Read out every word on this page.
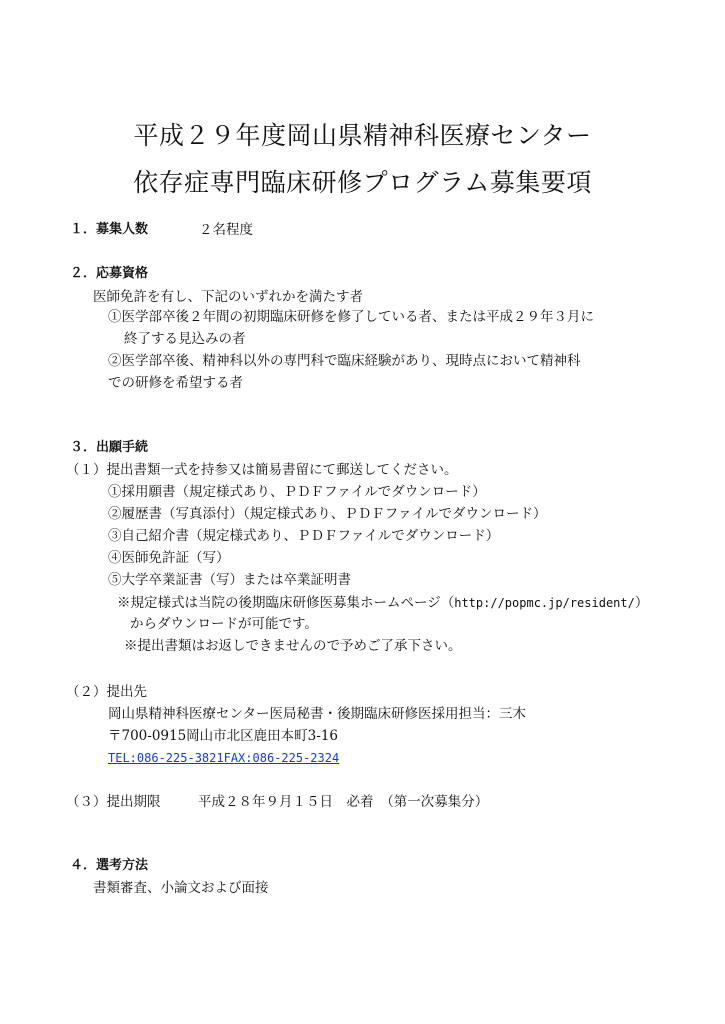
平成２９年度岡山県精神科医療センター
依存症専門臨床研修プログラム募集要項
１．募集人数	２名程度
２．応募資格
医師免許を有し、下記のいずれかを満たす者
①医学部卒後２年間の初期臨床研修を修了している者、または平成２９年３月に
終了する見込みの者
②医学部卒後、精神科以外の専門科で臨床経験があり、現時点において精神科
での研修を希望する者
３．出願手続
（１）提出書類一式を持参又は簡易書留にて郵送してください。
①採用願書（規定様式あり、ＰＤＦファイルでダウンロード）
②履歴書（写真添付）（規定様式あり、ＰＤＦファイルでダウンロード）
③自己紹介書（規定様式あり、ＰＤＦファイルでダウンロード）
④医師免許証（写）
⑤大学卒業証書（写）または卒業証明書
※規定様式は当院の後期臨床研修医募集ホームページ（http://popmc.jp/resident/）
からダウンロードが可能です。
※提出書類はお返しできませんので予めご了承下さい。
（２）提出先
岡山県精神科医療センター医局秘書・後期臨床研修医採用担当：三木
〒700-0915岡山市北区鹿田本町3-16
TEL:086-225-3821FAX:086-225-2324
（３）提出期限	平成２８年９月１５日　必着　（第一次募集分）
４．選考方法
書類審査、小論文および面接
